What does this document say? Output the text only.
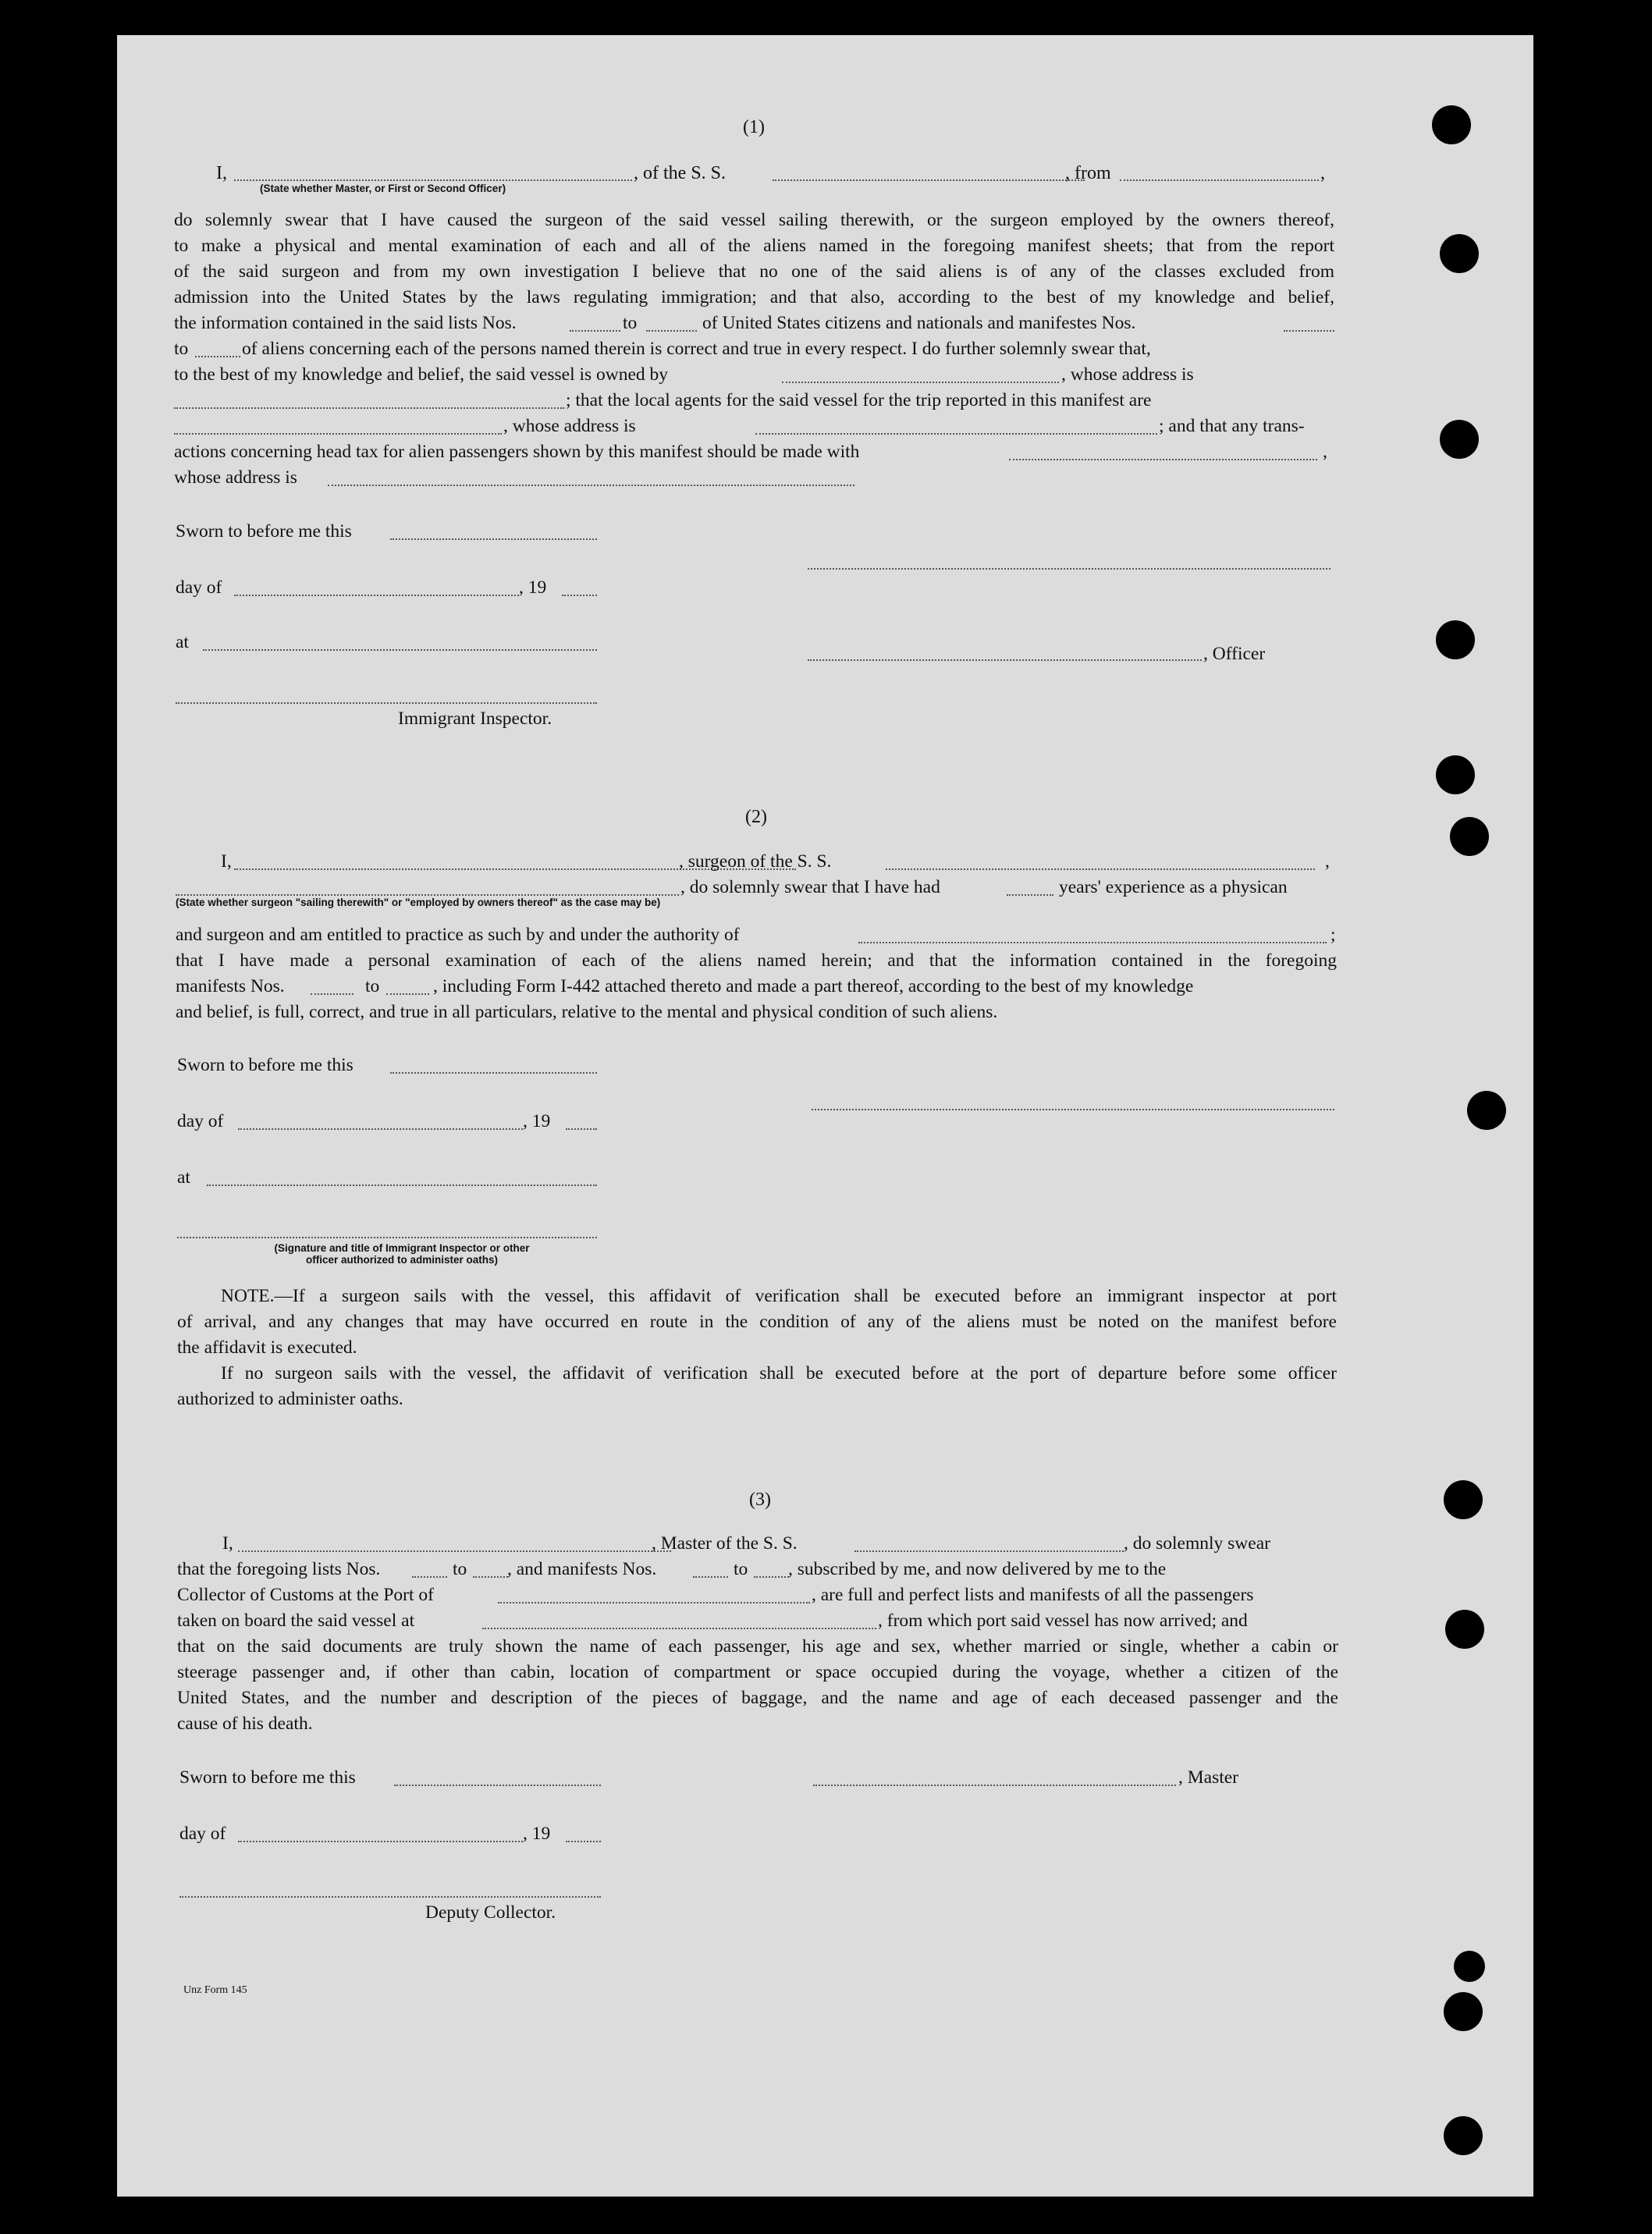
(1)
I,	, of the S. S.	, from	,
(State whether Master, or First or Second Officer)
do solemnly swear that I have caused the surgeon of the said vessel sailing therewith, or the surgeon employed by the owners thereof,
to make a physical and mental examination of each and all of the aliens named in the foregoing manifest sheets; that from the report
of the said surgeon and from my own investigation I believe that no one of the said aliens is of any of the classes excluded from
admission into the United States by the laws regulating immigration; and that also, according to the best of my knowledge and belief,
the information contained in the said lists Nos.	to	of United States citizens and nationals and manifestes Nos.
to	of aliens concerning each of the persons named therein is correct and true in every respect. I do further solemnly swear that,
to the best of my knowledge and belief, the said vessel is owned by	, whose address is
; that the local agents for the said vessel for the trip reported in this manifest are
, whose address is	; and that any trans-
actions concerning head tax for alien passengers shown by this manifest should be made with	,
whose address is
Sworn to before me this
day of	, 19
at
, Officer
Immigrant Inspector.
(2)
I,	, surgeon of the S. S.	,
, do solemnly swear that I have had	years' experience as a physican
(State whether surgeon "sailing therewith" or "employed by owners thereof" as the case may be)
and surgeon and am entitled to practice as such by and under the authority of	;
that I have made a personal examination of each of the aliens named herein; and that the information contained in the foregoing
manifests Nos.	to	, including Form I-442 attached thereto and made a part thereof, according to the best of my knowledge
and belief, is full, correct, and true in all particulars, relative to the mental and physical condition of such aliens.
Sworn to before me this
day of	, 19
at
(Signature and title of Immigrant Inspector or other
officer authorized to administer oaths)
NOTE.—If a surgeon sails with the vessel, this affidavit of verification shall be executed before an immigrant inspector at port
of arrival, and any changes that may have occurred en route in the condition of any of the aliens must be noted on the manifest before
the affidavit is executed.
If no surgeon sails with the vessel, the affidavit of verification shall be executed before at the port of departure before some officer
authorized to administer oaths.
(3)
I,	, Master of the S. S.	, do solemnly swear
that the foregoing lists Nos.	to , and manifests Nos.	to , subscribed by me, and now delivered by me to the
Collector of Customs at the Port of	, are full and perfect lists and manifests of all the passengers
taken on board the said vessel at	, from which port said vessel has now arrived; and
that on the said documents are truly shown the name of each passenger, his age and sex, whether married or single, whether a cabin or
steerage passenger and, if other than cabin, location of compartment or space occupied during the voyage, whether a citizen of the
United States, and the number and description of the pieces of baggage, and the name and age of each deceased passenger and the
cause of his death.
Sworn to before me this	, Master
day of	, 19
Deputy Collector.
Unz Form 145
